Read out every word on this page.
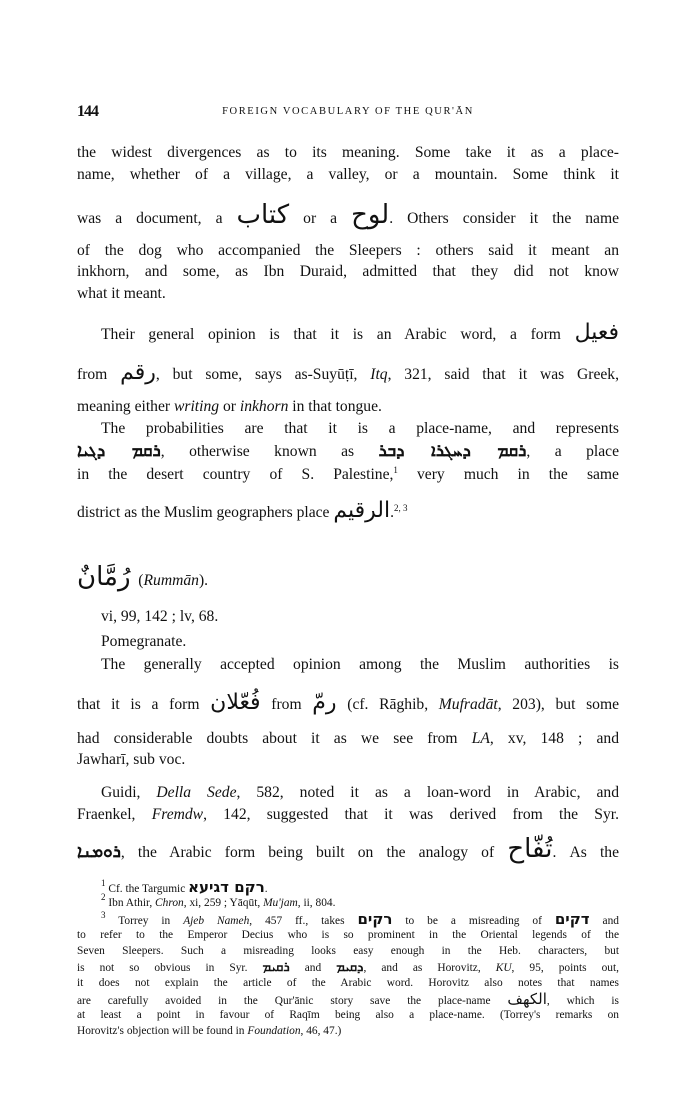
144	FOREIGN VOCABULARY OF THE QUR'ĀN
the widest divergences as to its meaning. Some take it as a place-
name, whether of a village, a valley, or a mountain. Some think it
was a document, a كتاب or a لوح. Others consider it the name
of the dog who accompanied the Sleepers : others said it meant an
inkhorn, and some, as Ibn Duraid, admitted that they did not know
what it meant.
Their general opinion is that it is an Arabic word, a form فعيل
from رقم, but some, says as-Suyūṭī, Itq, 321, said that it was Greek,
meaning either writing or inkhorn in that tongue.
The probabilities are that it is a place-name, and represents
ܪܩܡ ܕܓܝܐ, otherwise known as ܪܩܡ ܕܚܓܪܐ ܕܒܪ, a place
in the desert country of S. Palestine,$^1$ very much in the same
district as the Muslim geographers place الرقيم.$^{2, 3}$
رُمَّانٌ  (Rummān).
vi, 99, 142 ; lv, 68.
Pomegranate.
The generally accepted opinion among the Muslim authorities is
that it is a form فُعّلان from رمّ (cf. Rāghib, Mufradāt, 203), but some
had considerable doubts about it as we see from LA, xv, 148 ; and
Jawharī, sub voc.
Guidi, Della Sede, 582, noted it as a loan-word in Arabic, and
Fraenkel, Fremdw, 142, suggested that it was derived from the Syr.
ܪܘܡܢܐ, the Arabic form being built on the analogy of تُفّاح. As the
$^1$ Cf. the Targumic רקם דגיעא.
$^2$ Ibn Athir, Chron, xi, 259 ; Yāqūt, Mu'jam, ii, 804.
$^3$ Torrey in Ajeb Nameh, 457 ff., takes רקים to be a misreading of דקים and
to refer to the Emperor Decius who is so prominent in the Oriental legends of the
Seven Sleepers. Such a misreading looks easy enough in the Heb. characters, but
is not so obvious in Syr. ܪܩܝܡ and ܕܩܝܡ, and as Horovitz, KU, 95, points out,
it does not explain the article of the Arabic word. Horovitz also notes that names
are carefully avoided in the Qur'ānic story save the place-name الكهف, which is
at least a point in favour of Raqīm being also a place-name. (Torrey's remarks on
Horovitz's objection will be found in Foundation, 46, 47.)
